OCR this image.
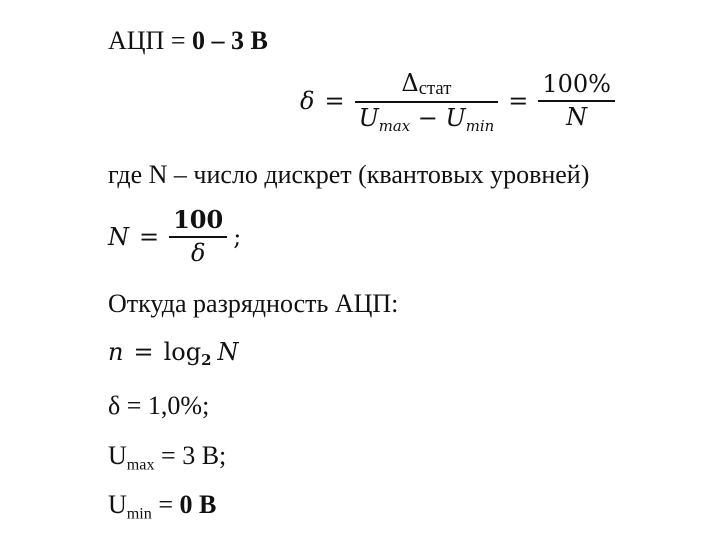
АЦП = 0 – 3 В
$\delta = \frac{\text{Δстат}}{U_{max} - U_{min}} = \frac{100\%}{N}$
где N – число дискрет (квантовых уровней)
$N = \frac{100}{\delta}$ ;
Откуда разрядность АЦП:
$n = \log_2 N$
δ = 1,0%;
$U_{max} = 3$ В;
$U_{min} = 0$ В
